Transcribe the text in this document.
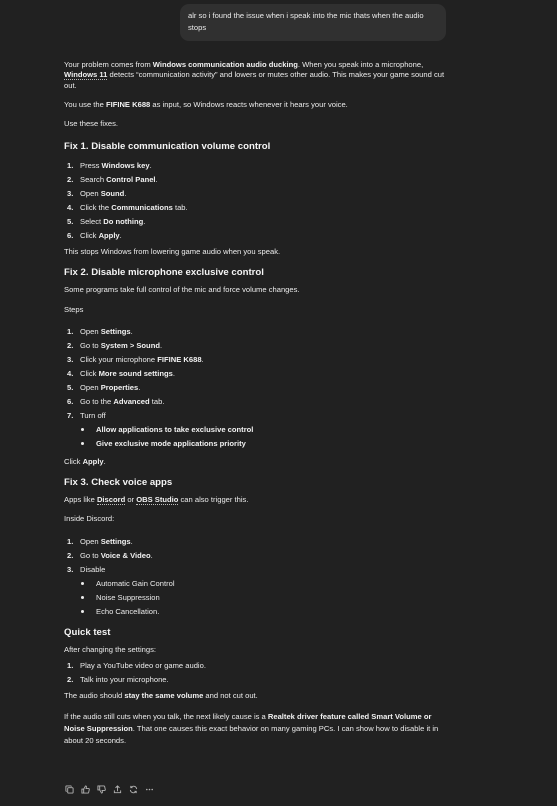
alr so i found the issue when i speak into the mic thats when the audio stops

Your problem comes from Windows communication audio ducking. When you speak into a microphone, Windows 11 detects “communication activity” and lowers or mutes other audio. This makes your game sound cut out.

You use the FIFINE K688 as input, so Windows reacts whenever it hears your voice.

Use these fixes.

Fix 1. Disable communication volume control
1. Press Windows key.
2. Search Control Panel.
3. Open Sound.
4. Click the Communications tab.
5. Select Do nothing.
6. Click Apply.

This stops Windows from lowering game audio when you speak.

Fix 2. Disable microphone exclusive control

Some programs take full control of the mic and force volume changes.

Steps

1. Open Settings.
2. Go to System > Sound.
3. Click your microphone FIFINE K688.
4. Click More sound settings.
5. Open Properties.
6. Go to the Advanced tab.
7. Turn off
Allow applications to take exclusive control
Give exclusive mode applications priority

Click Apply.

Fix 3. Check voice apps

Apps like Discord or OBS Studio can also trigger this.

Inside Discord:

1. Open Settings.
2. Go to Voice & Video.
3. Disable
Automatic Gain Control
Noise Suppression
Echo Cancellation.
Quick test

After changing the settings:

1. Play a YouTube video or game audio.
2. Talk into your microphone.

The audio should stay the same volume and not cut out.

If the audio still cuts when you talk, the next likely cause is a Realtek driver feature called Smart Volume or Noise Suppression. That one causes this exact behavior on many gaming PCs. I can show how to disable it in about 20 seconds.
